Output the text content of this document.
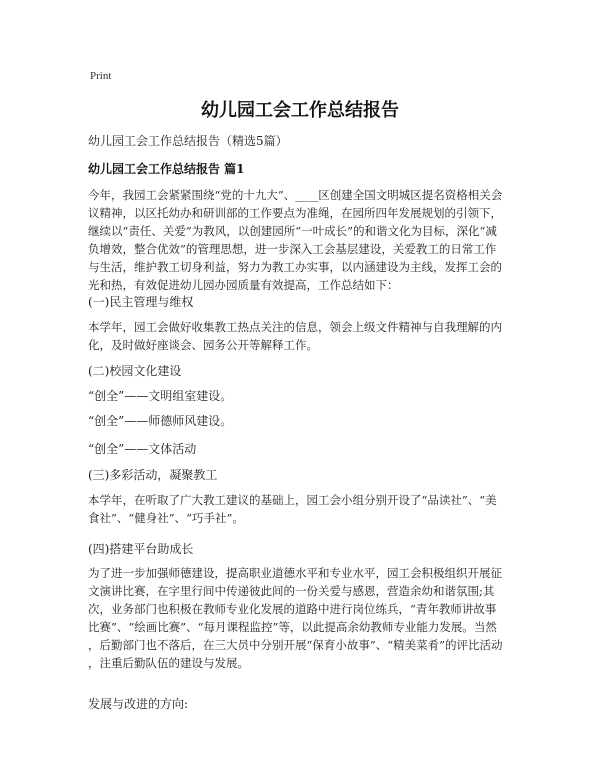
Print
幼儿园工会工作总结报告
幼儿园工会工作总结报告（精选5篇）
幼儿园工会工作总结报告 篇1
今年，我园工会紧紧围绕“党的十九大”、____区创建全国文明城区提名资格相关会
议精神，以区托幼办和研训部的工作要点为准绳，在园所四年发展规划的引领下，
继续以“责任、关爱”为教风，以创建园所“一叶成长”的和谐文化为目标，深化“减
负增效，整合优效”的管理思想，进一步深入工会基层建设，关爱教工的日常工作
与生活，维护教工切身利益，努力为教工办实事，以内涵建设为主线，发挥工会的
光和热，有效促进幼儿园办园质量有效提高，工作总结如下：
(一)民主管理与维权
本学年，园工会做好收集教工热点关注的信息，领会上级文件精神与自我理解的内
化，及时做好座谈会、园务公开等解释工作。
(二)校园文化建设
“创全”——文明组室建设。
“创全”——师德师风建设。
“创全”——文体活动
(三)多彩活动，凝聚教工
本学年，在听取了广大教工建议的基础上，园工会小组分别开设了“品读社”、“美
食社”、“健身社”、“巧手社”。
(四)搭建平台助成长
为了进一步加强师德建设，提高职业道德水平和专业水平，园工会积极组织开展征
文演讲比赛，在字里行间中传递彼此间的一份关爱与感恩，营造余幼和谐氛围;其
次，业务部门也积极在教师专业化发展的道路中进行岗位练兵，“青年教师讲故事
比赛”、“绘画比赛”、“每月课程监控”等，以此提高余幼教师专业能力发展。当然
，后勤部门也不落后，在三大员中分别开展“保育小故事”、“精美菜肴”的评比活动
，注重后勤队伍的建设与发展。
发展与改进的方向:
